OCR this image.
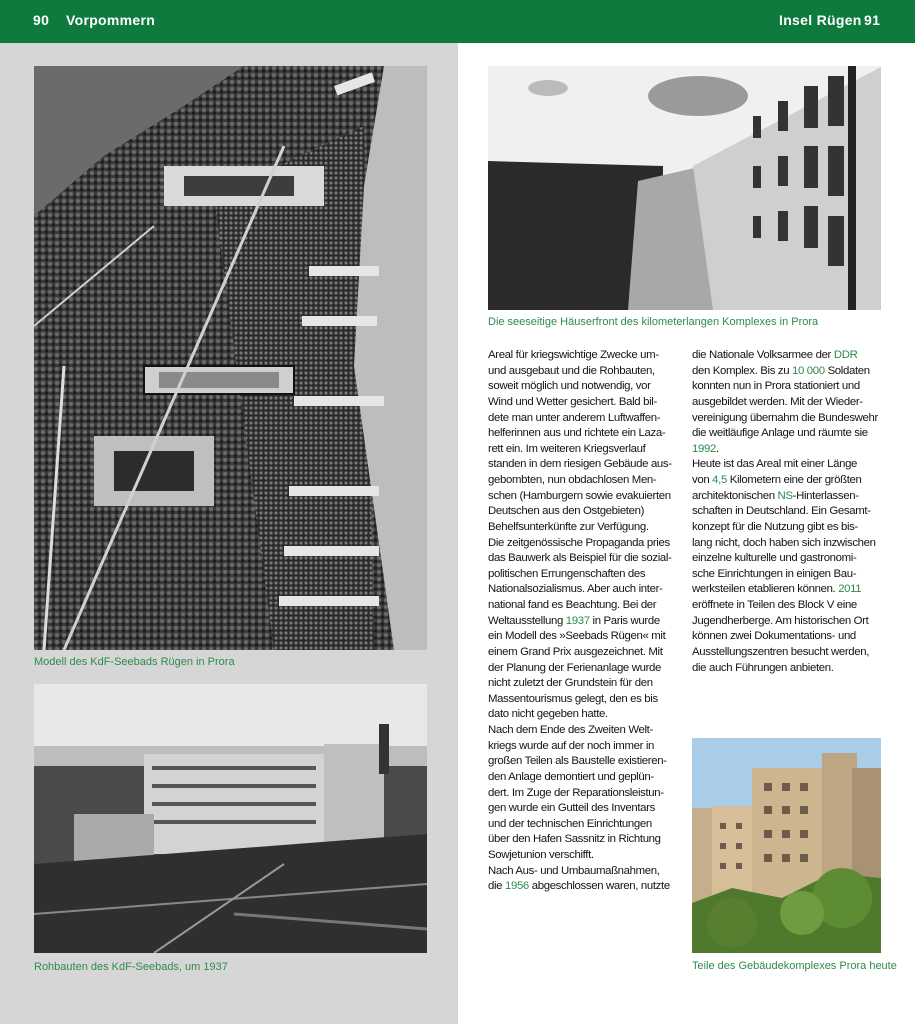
90 Vorpommern	Insel Rügen 91
Modell des KdF-Seebads Rügen in Prora
Rohbauten des KdF-Seebads, um 1937
Die seeseitige Häuserfront des kilometerlangen Komplexes in Prora
Teile des Gebäudekomplexes Prora heute
Areal für kriegswichtige Zwecke um-
und ausgebaut und die Rohbauten,
soweit möglich und notwendig, vor
Wind und Wetter gesichert. Bald bil-
dete man unter anderem Luftwaffen-
helferinnen aus und richtete ein Laza-
rett ein. Im weiteren Kriegsverlauf
standen in dem riesigen Gebäude aus-
gebombten, nun obdachlosen Men-
schen (Hamburgern sowie evakuierten
Deutschen aus den Ostgebieten)
Behelfsunterkünfte zur Verfügung.
Die zeitgenössische Propaganda pries
das Bauwerk als Beispiel für die sozial-
politischen Errungenschaften des
Nationalsozialismus. Aber auch inter-
national fand es Beachtung. Bei der
Weltausstellung 1937 in Paris wurde
ein Modell des »Seebads Rügen« mit
einem Grand Prix ausgezeichnet. Mit
der Planung der Ferienanlage wurde
nicht zuletzt der Grundstein für den
Massentourismus gelegt, den es bis
dato nicht gegeben hatte.
Nach dem Ende des Zweiten Welt-
kriegs wurde auf der noch immer in
großen Teilen als Baustelle existieren-
den Anlage demontiert und geplün-
dert. Im Zuge der Reparationsleistun-
gen wurde ein Gutteil des Inventars
und der technischen Einrichtungen
über den Hafen Sassnitz in Richtung
Sowjetunion verschifft.
Nach Aus- und Umbaumaßnahmen,
die 1956 abgeschlossen waren, nutzte
die Nationale Volksarmee der DDR
den Komplex. Bis zu 10 000 Soldaten
konnten nun in Prora stationiert und
ausgebildet werden. Mit der Wieder-
vereinigung übernahm die Bundeswehr
die weitläufige Anlage und räumte sie
1992.
Heute ist das Areal mit einer Länge
von 4,5 Kilometern eine der größten
architektonischen NS-Hinterlassen-
schaften in Deutschland. Ein Gesamt-
konzept für die Nutzung gibt es bis-
lang nicht, doch haben sich inzwischen
einzelne kulturelle und gastronomi-
sche Einrichtungen in einigen Bau-
werksteilen etablieren können. 2011
eröffnete in Teilen des Block V eine
Jugendherberge. Am historischen Ort
können zwei Dokumentations- und
Ausstellungszentren besucht werden,
die auch Führungen anbieten.
